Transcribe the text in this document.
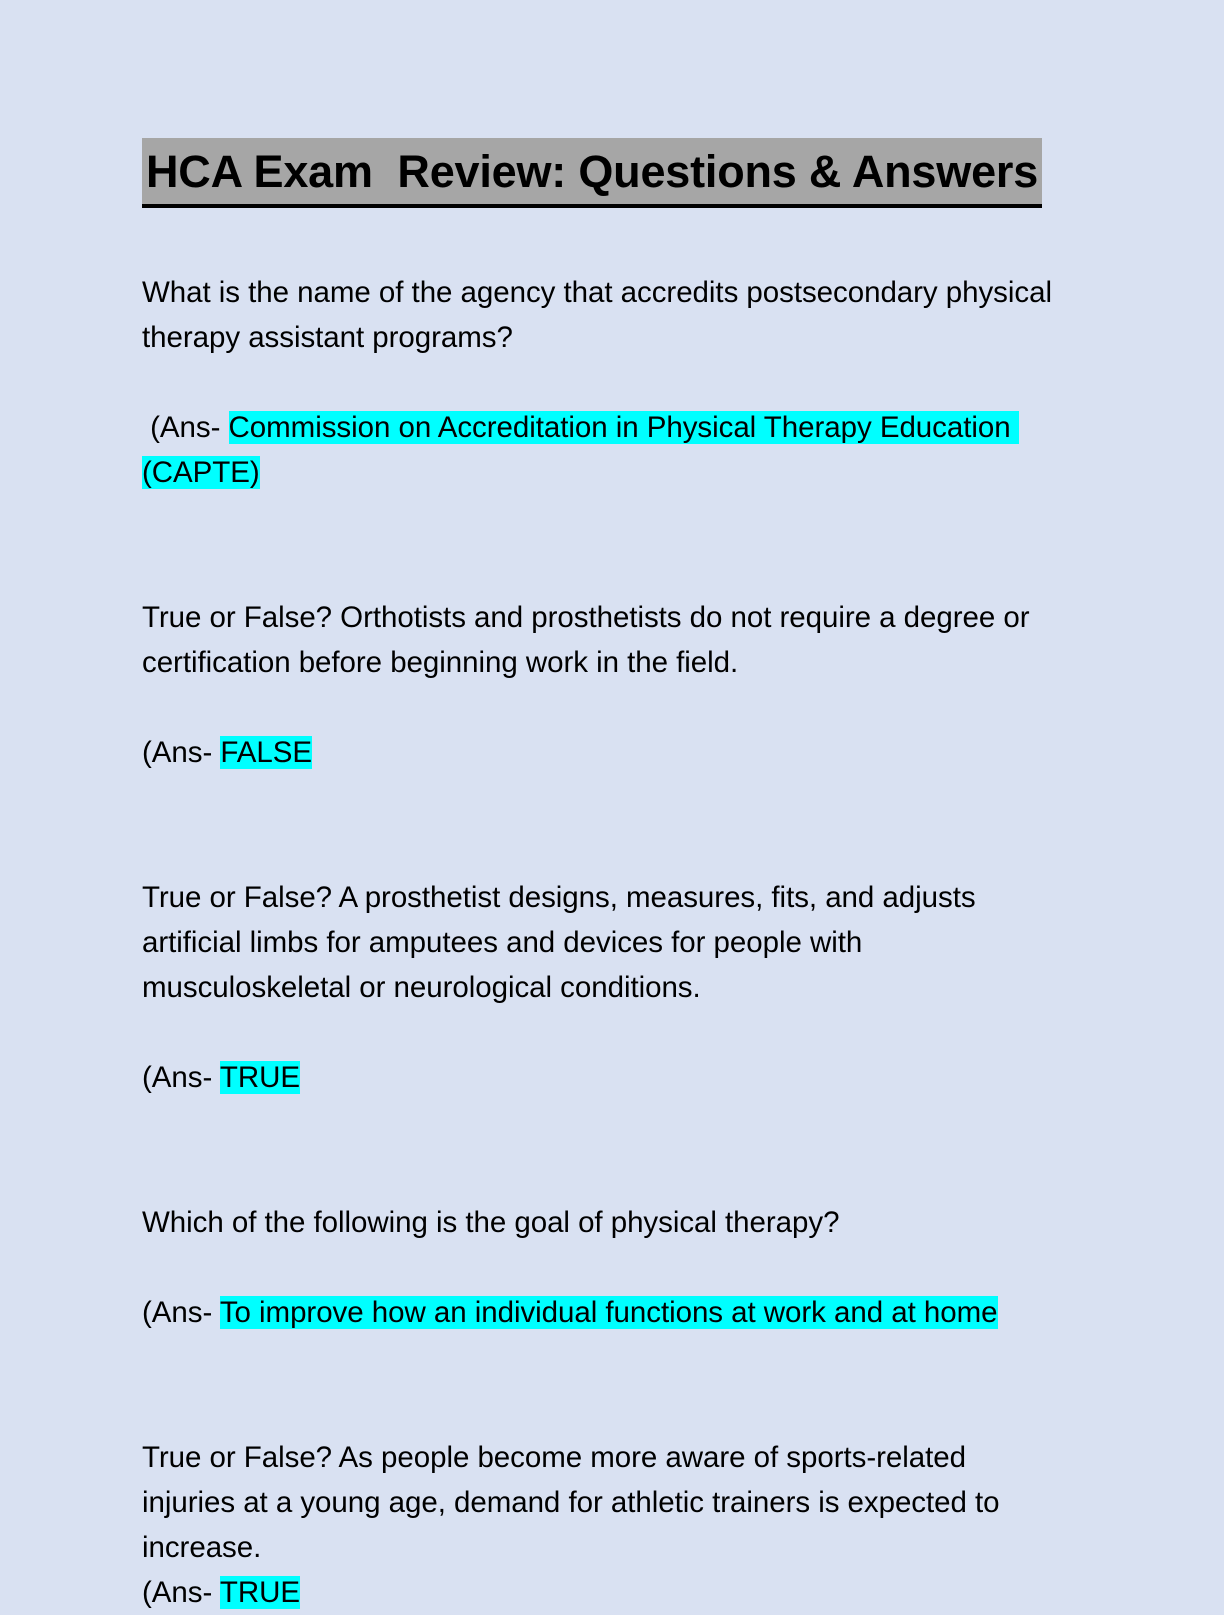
HCA Exam  Review: Questions & Answers

What is the name of the agency that accredits postsecondary physical therapy assistant programs?

(Ans- Commission on Accreditation in Physical Therapy Education (CAPTE)

True or False? Orthotists and prosthetists do not require a degree or certification before beginning work in the field.

(Ans- FALSE

True or False? A prosthetist designs, measures, fits, and adjusts artificial limbs for amputees and devices for people with musculoskeletal or neurological conditions.

(Ans- TRUE

Which of the following is the goal of physical therapy?

(Ans- To improve how an individual functions at work and at home

True or False? As people become more aware of sports-related injuries at a young age, demand for athletic trainers is expected to increase.

(Ans- TRUE
